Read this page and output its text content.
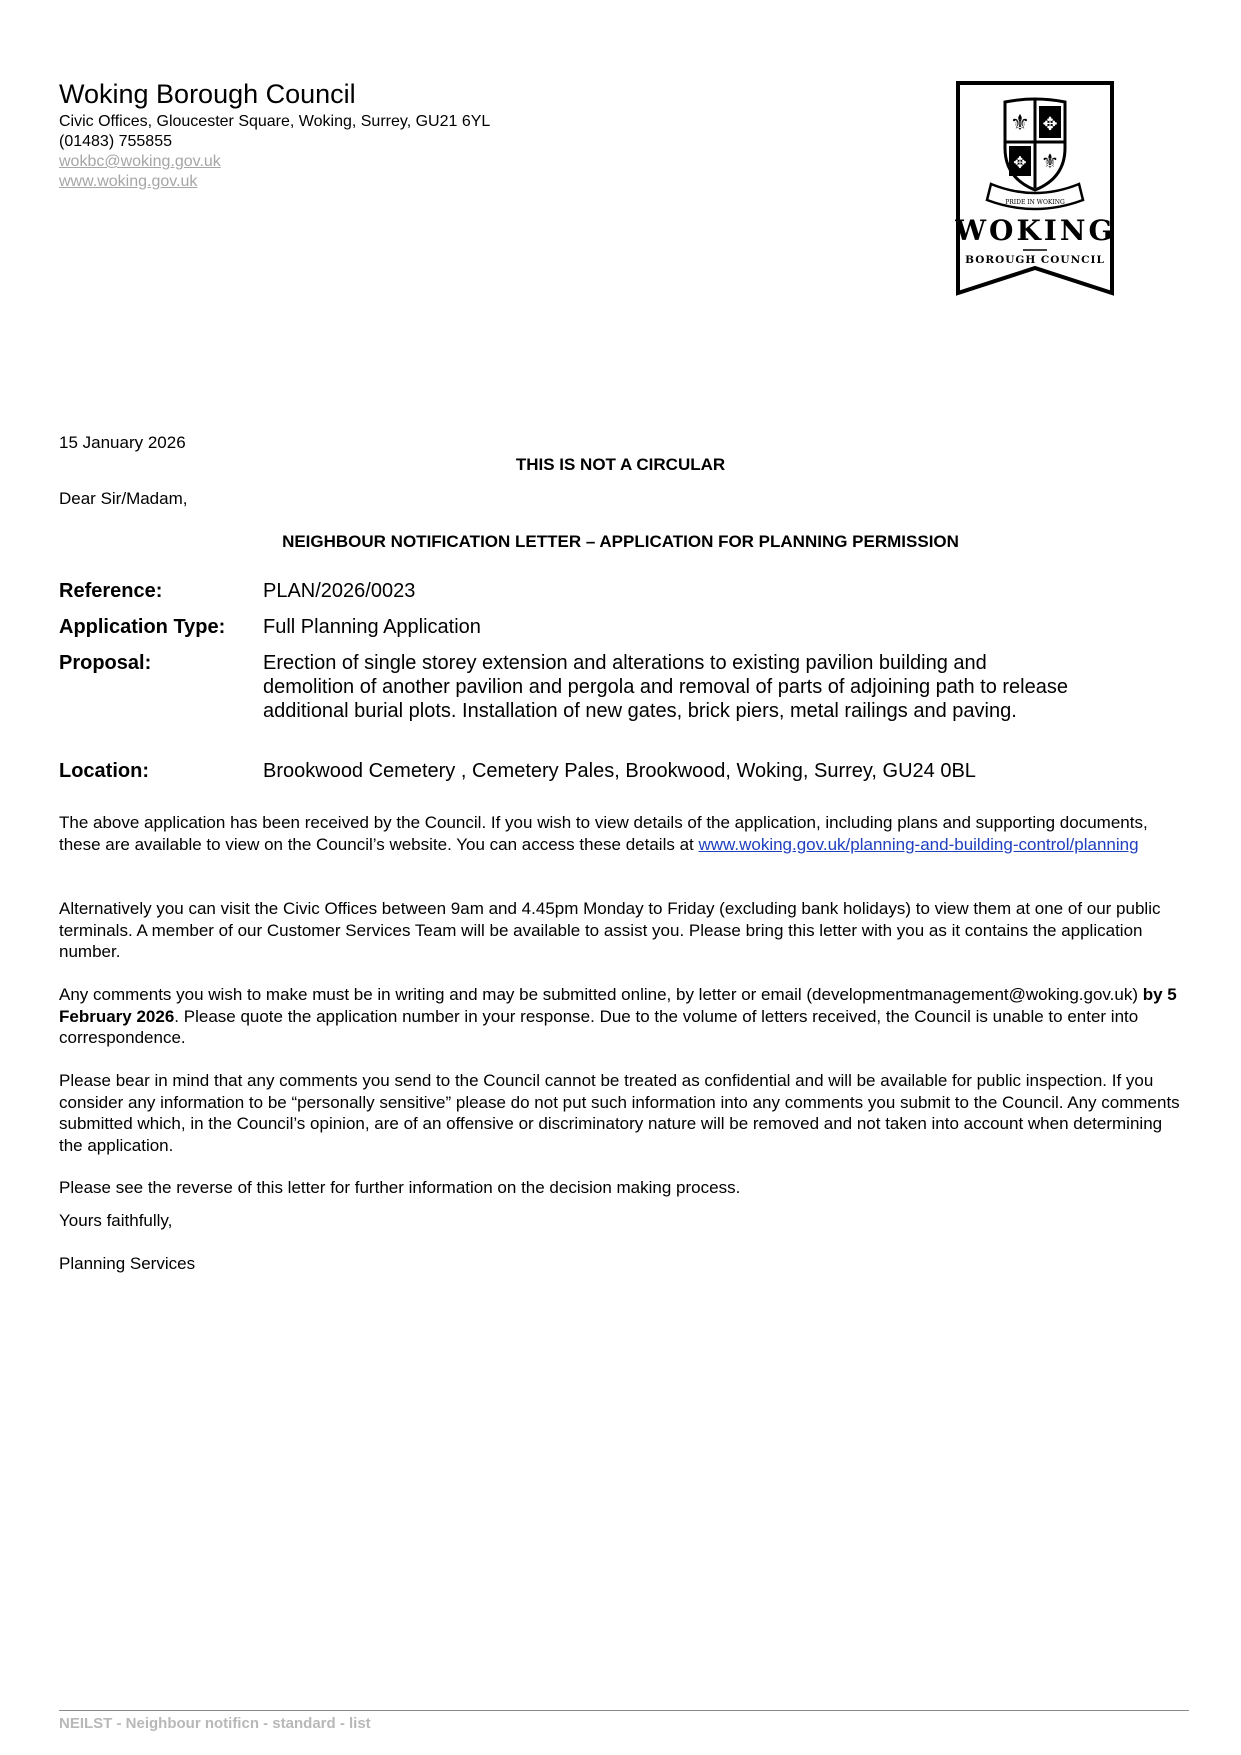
Woking Borough Council
Civic Offices, Gloucester Square, Woking, Surrey, GU21 6YL
(01483) 755855
wokbc@woking.gov.uk
www.woking.gov.uk
⚜ ✥
✥ ⚜
PRIDE IN WOKING
WOKING
BOROUGH COUNCIL
15 January 2026
THIS IS NOT A CIRCULAR
Dear Sir/Madam,
NEIGHBOUR NOTIFICATION LETTER – APPLICATION FOR PLANNING PERMISSION
Reference:	PLAN/2026/0023
Application Type: Full Planning Application
Proposal:	Erection of single storey extension and alterations to existing pavilion building and demolition of another pavilion and pergola and removal of parts of adjoining path to release additional burial plots. Installation of new gates, brick piers, metal railings and paving.
Location:	Brookwood Cemetery , Cemetery Pales, Brookwood, Woking, Surrey, GU24 0BL
The above application has been received by the Council. If you wish to view details of the application, including plans and supporting documents, these are available to view on the Council’s website. You can access these details at www.woking.gov.uk/planning-and-building-control/planning
Alternatively you can visit the Civic Offices between 9am and 4.45pm Monday to Friday (excluding bank holidays) to view them at one of our public terminals. A member of our Customer Services Team will be available to assist you. Please bring this letter with you as it contains the application number.
Any comments you wish to make must be in writing and may be submitted online, by letter or email (developmentmanagement@woking.gov.uk) by 5 February 2026. Please quote the application number in your response. Due to the volume of letters received, the Council is unable to enter into correspondence.
Please bear in mind that any comments you send to the Council cannot be treated as confidential and will be available for public inspection. If you consider any information to be “personally sensitive” please do not put such information into any comments you submit to the Council. Any comments submitted which, in the Council’s opinion, are of an offensive or discriminatory nature will be removed and not taken into account when determining the application.
Please see the reverse of this letter for further information on the decision making process.
Yours faithfully,
Planning Services
NEILST - Neighbour notificn - standard - list
